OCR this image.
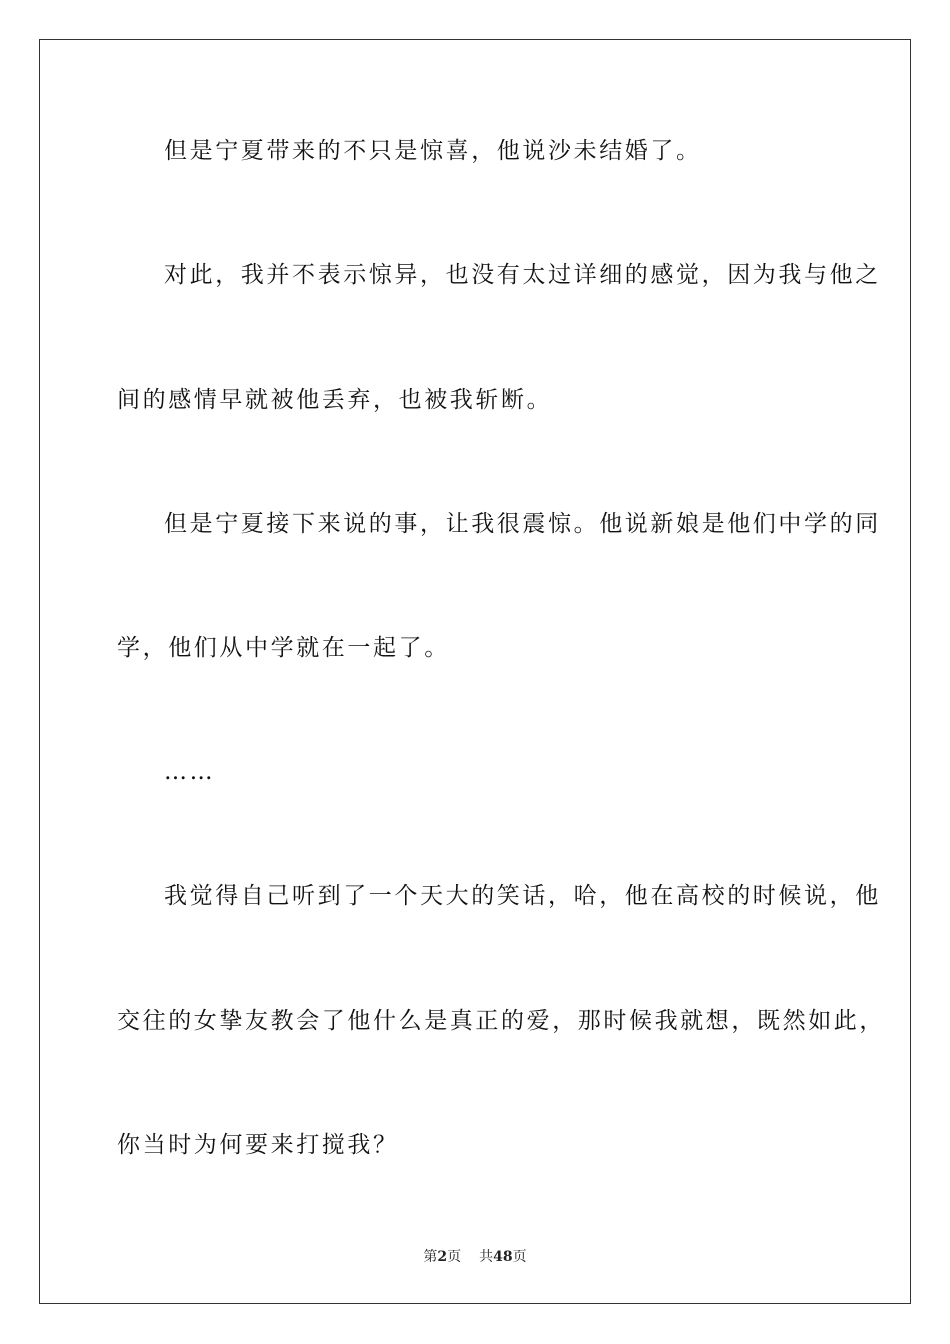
但是宁夏带来的不只是惊喜，他说沙未结婚了。
对此，我并不表示惊异，也没有太过详细的感觉，因为我与他之
间的感情早就被他丢弃，也被我斩断。
但是宁夏接下来说的事，让我很震惊。他说新娘是他们中学的同
学，他们从中学就在一起了。
……
我觉得自己听到了一个天大的笑话，哈，他在高校的时候说，他
交往的女挚友教会了他什么是真正的爱，那时候我就想，既然如此，
你当时为何要来打搅我？
第2页 共48页
